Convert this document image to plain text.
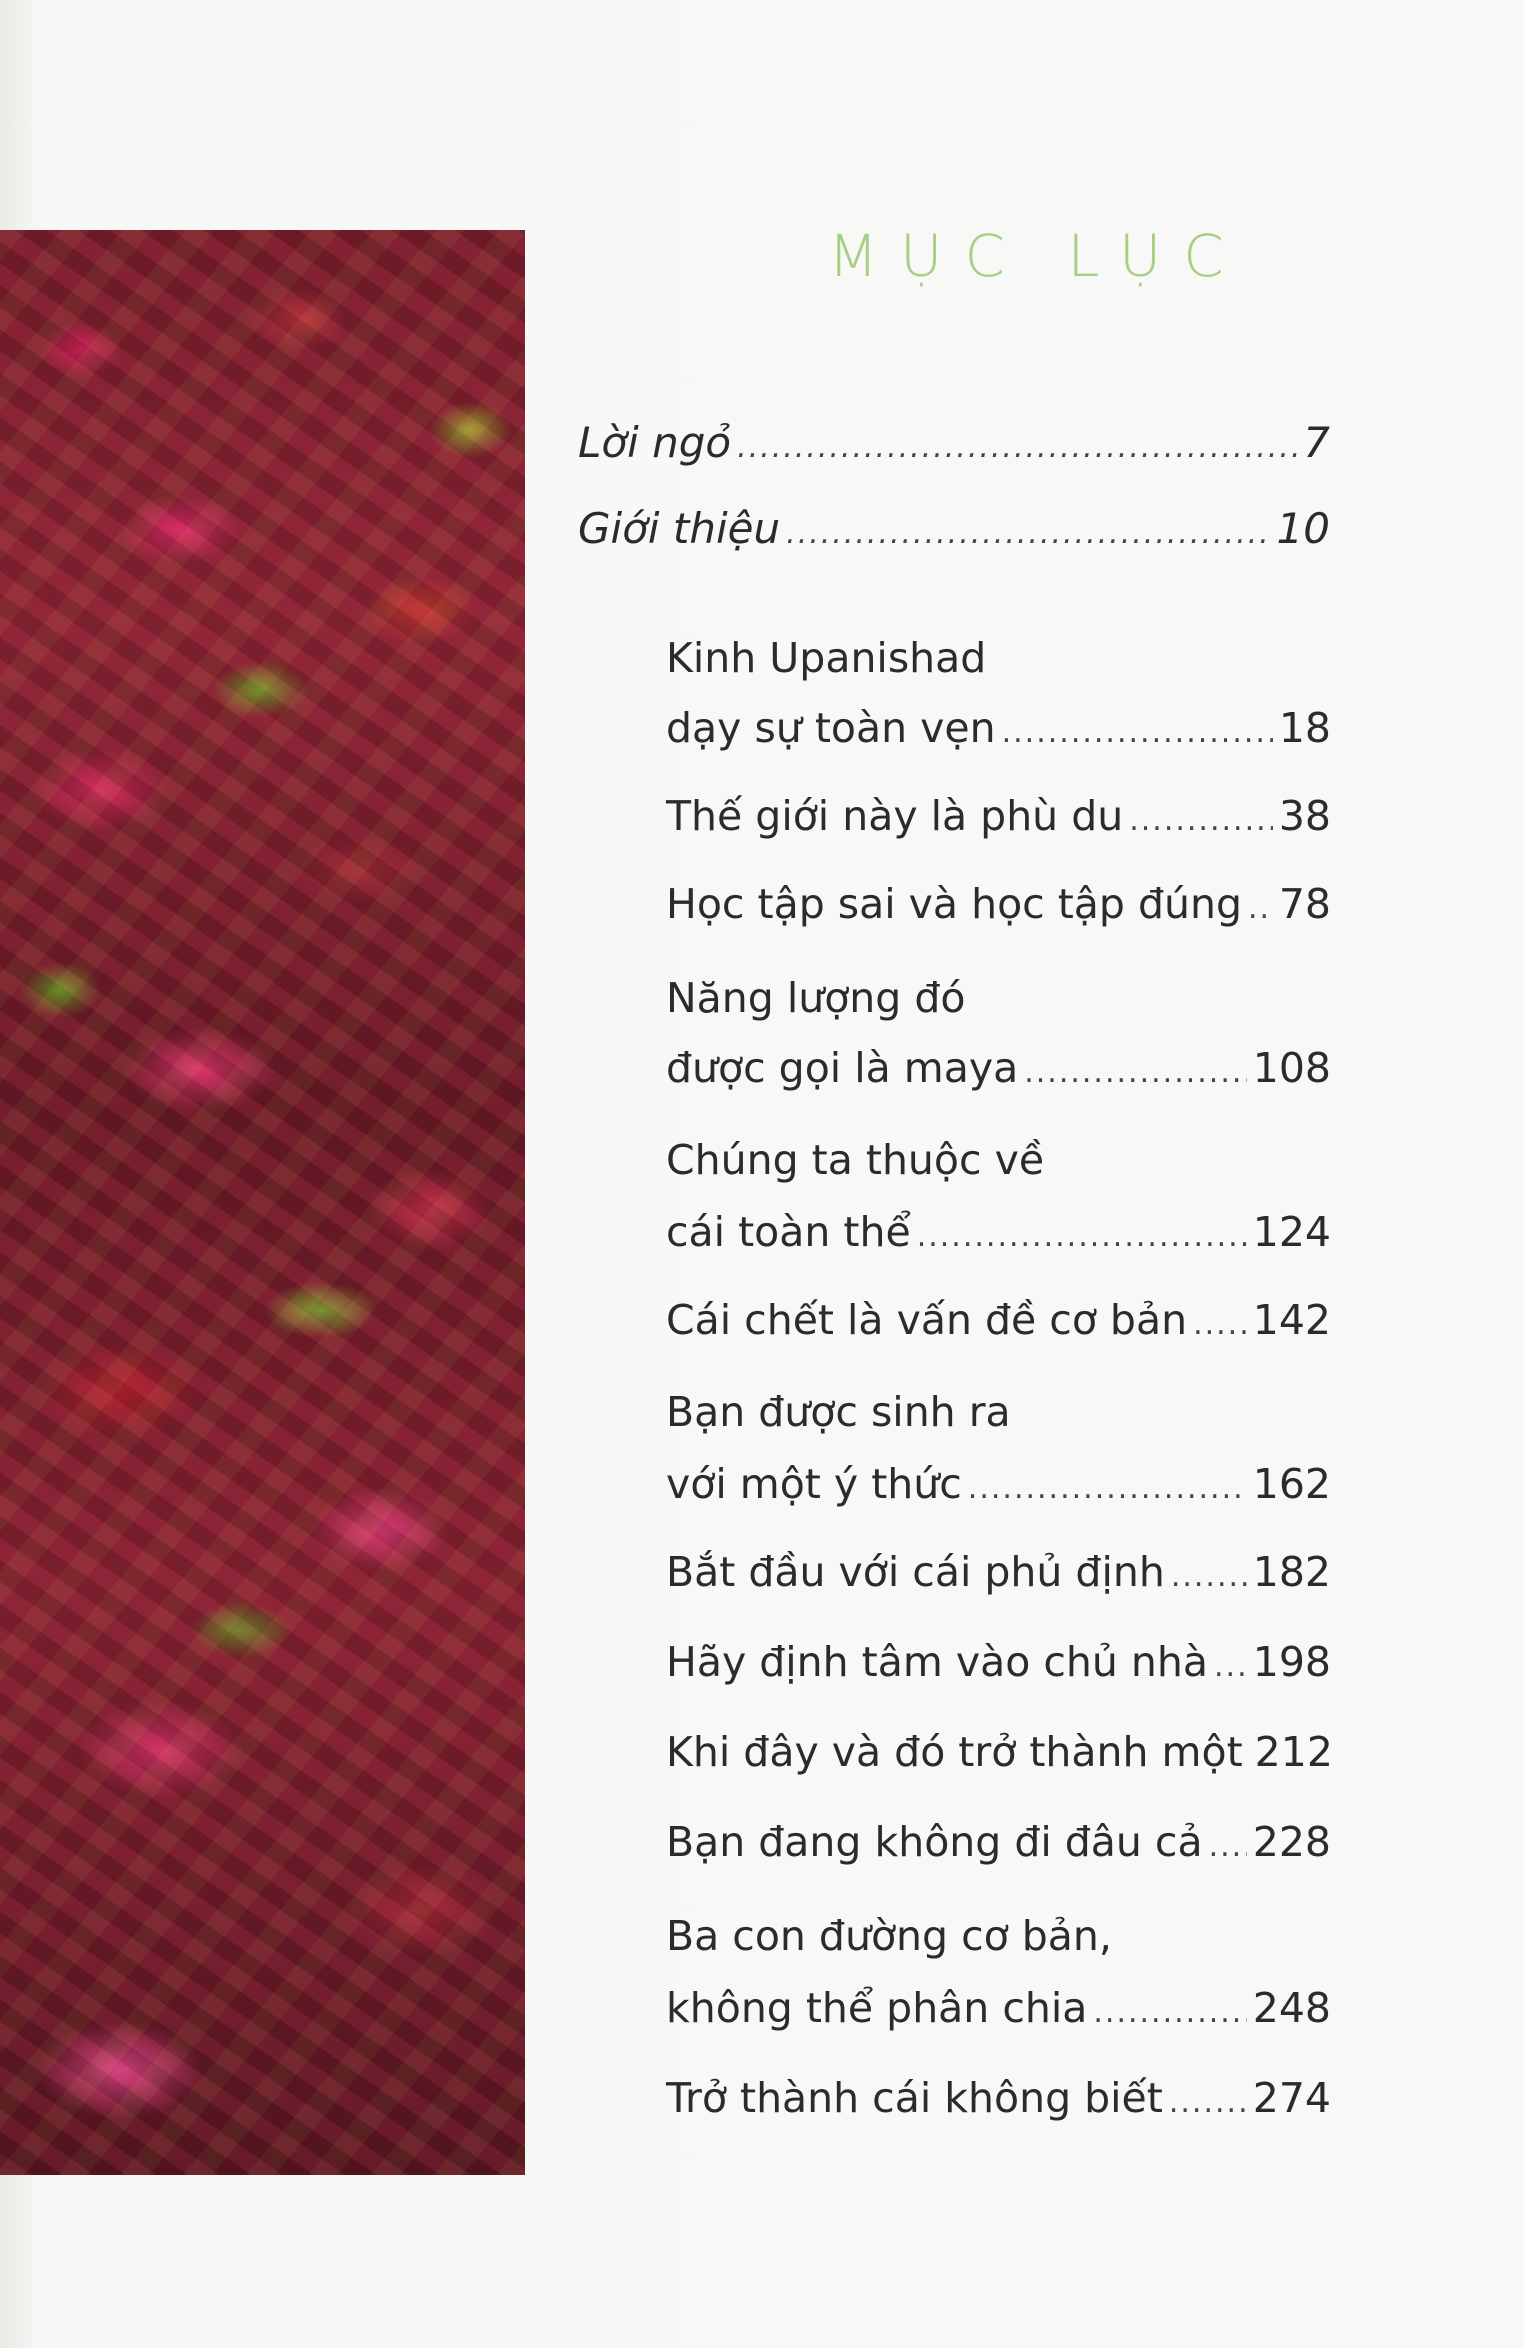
MỤC LỤC
Lời ngỏ .....	7
Giới thiệu .....	10
Kinh Upanishad
dạy sự toàn vẹn .....	18
Thế giới này là phù du .....	38
Học tập sai và học tập đúng ..... 78
Năng lượng đó
được gọi là maya .....	108
Chúng ta thuộc về
cái toàn thể .....	124
Cái chết là vấn đề cơ bản ..... 142
Bạn được sinh ra
với một ý thức .....	162
Bắt đầu với cái phủ định ..... 182
Hãy định tâm vào chủ nhà ..... 198
Khi đây và đó trở thành một 212
Bạn đang không đi đâu cả ..... 228
Ba con đường cơ bản,
không thể phân chia .....	248
Trở thành cái không biết ..... 274
